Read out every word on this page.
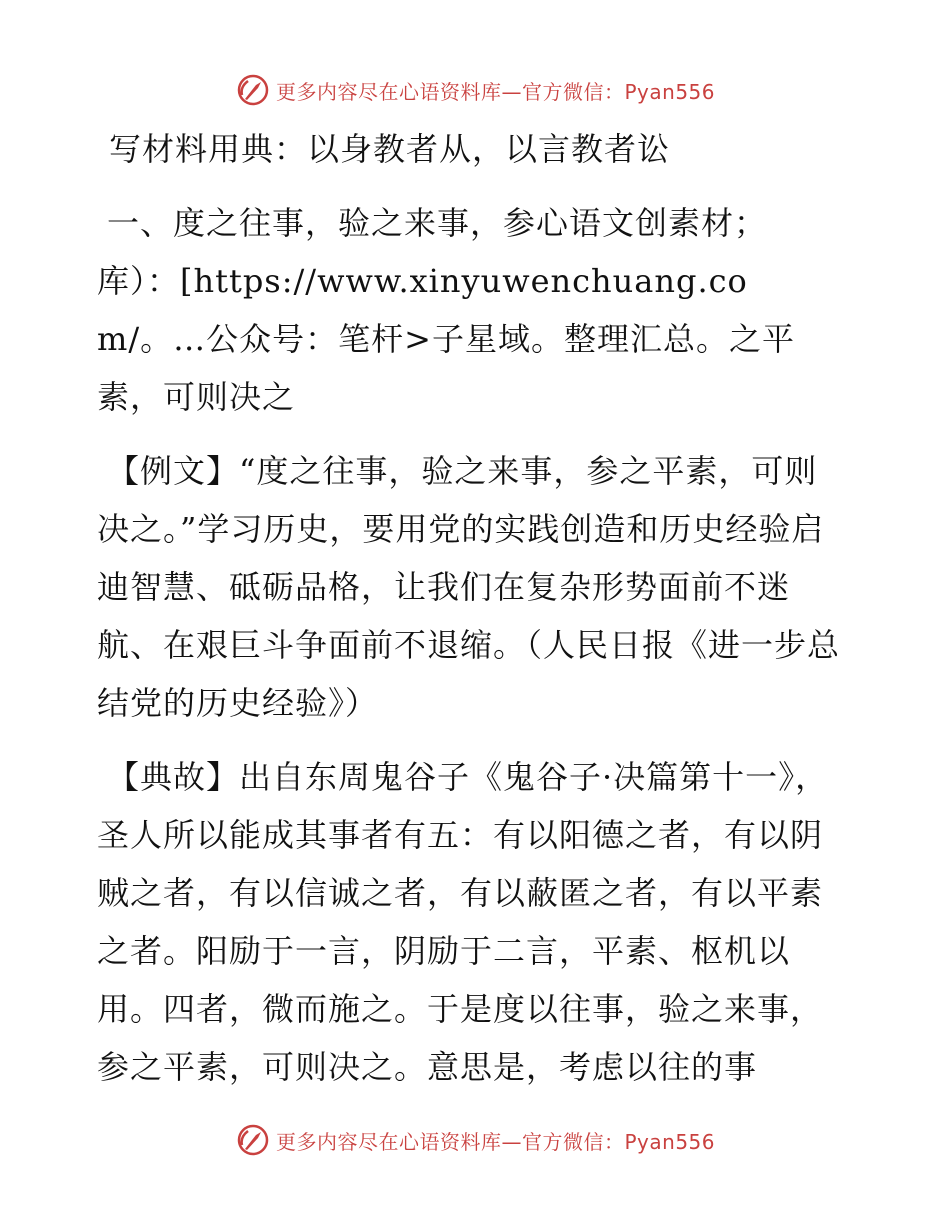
更多内容尽在心语资料库—官方微信：Pyan556

写材料用典：以身教者从，以言教者讼

一、度之往事，验之来事，参心语文创素材；

库）：[https://www.xinyuwenchuang.com/。…公众号：笔杆>子星域。整理汇总。之平素，可则决之

【例文】“度之往事，验之来事，参之平素，可则决之。”学习历史，要用党的实践创造和历史经验启迪智慧、砥砺品格，让我们在复杂形势面前不迷航、在艰巨斗争面前不退缩。（人民日报《进一步总结党的历史经验》）

【典故】出自东周鬼谷子《鬼谷子·决篇第十一》，圣人所以能成其事者有五：有以阳德之者，有以阴贼之者，有以信诚之者，有以蔽匿之者，有以平素之者。阳励于一言，阴励于二言，平素、枢机以用。四者，微而施之。于是度以往事，验之来事，参之平素，可则决之。意思是，考虑以往的事

更多内容尽在心语资料库—官方微信：Pyan556
